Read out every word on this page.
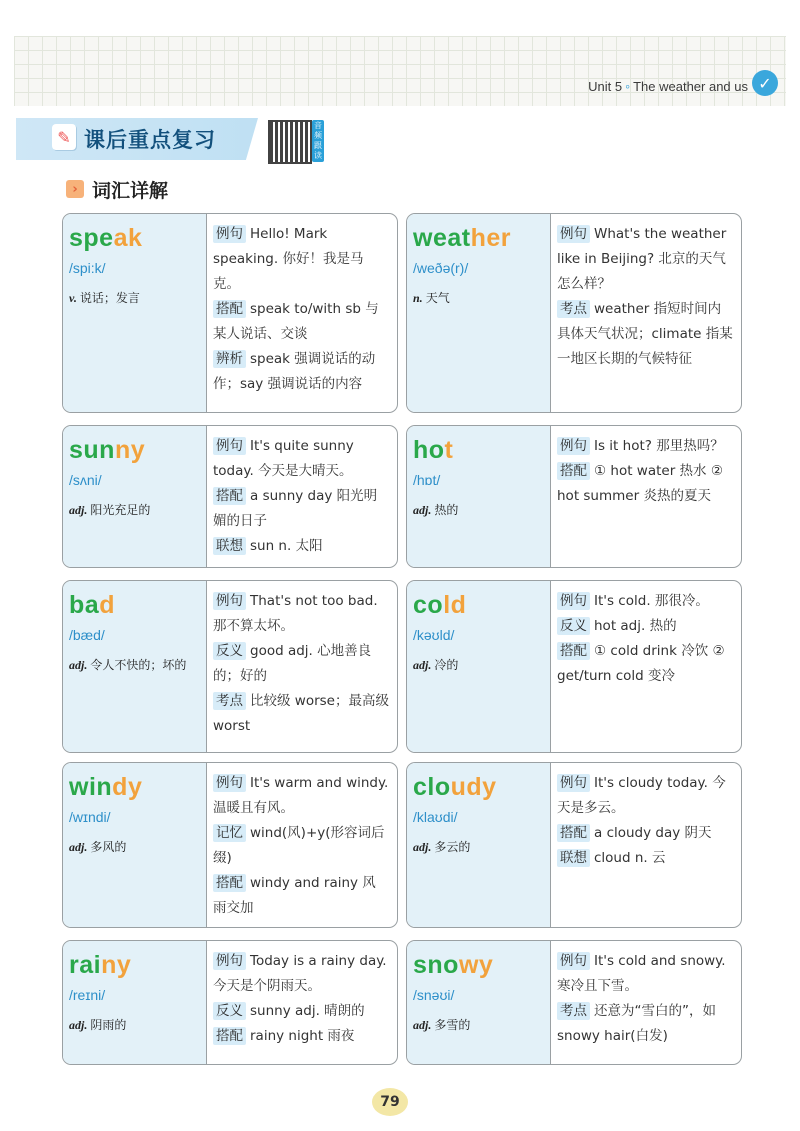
Unit 5 ◦ The weather and us ✓
✎ 课后重点复习
音频跟读
› 词汇详解
speak
/spi:k/
v. 说话；发言
例句 Hello! Mark speaking. 你好！我是马克。
搭配 speak to/with sb 与某人说话、交谈
辨析 speak 强调说话的动作；say 强调说话的内容
weather
/weðə(r)/
n. 天气
例句 What's the weather like in Beijing? 北京的天气怎么样？
考点 weather 指短时间内具体天气状况；climate 指某一地区长期的气候特征
sunny
/sʌni/
adj. 阳光充足的
例句 It's quite sunny today. 今天是大晴天。
搭配 a sunny day 阳光明媚的日子
联想 sun n. 太阳
hot
/hɒt/
adj. 热的
例句 Is it hot? 那里热吗？
搭配 ① hot water 热水 ② hot summer 炎热的夏天
bad
/bæd/
adj. 令人不快的；坏的
例句 That's not too bad. 那不算太坏。
反义 good adj. 心地善良的；好的
考点 比较级 worse；最高级 worst
cold
/kəʊld/
adj. 冷的
例句 It's cold. 那很冷。
反义 hot adj. 热的
搭配 ① cold drink 冷饮 ② get/turn cold 变冷
windy
/wɪndi/
adj. 多风的
例句 It's warm and windy. 温暖且有风。
记忆 wind(风)+y(形容词后缀)
搭配 windy and rainy 风雨交加
cloudy
/klaʊdi/
adj. 多云的
例句 It's cloudy today. 今天是多云。
搭配 a cloudy day 阴天
联想 cloud n. 云
rainy
/reɪni/
adj. 阴雨的
例句 Today is a rainy day. 今天是个阴雨天。
反义 sunny adj. 晴朗的
搭配 rainy night 雨夜
snowy
/snəʊi/
adj. 多雪的
例句 It's cold and snowy. 寒冷且下雪。
考点 还意为“雪白的”，如 snowy hair(白发)
79
